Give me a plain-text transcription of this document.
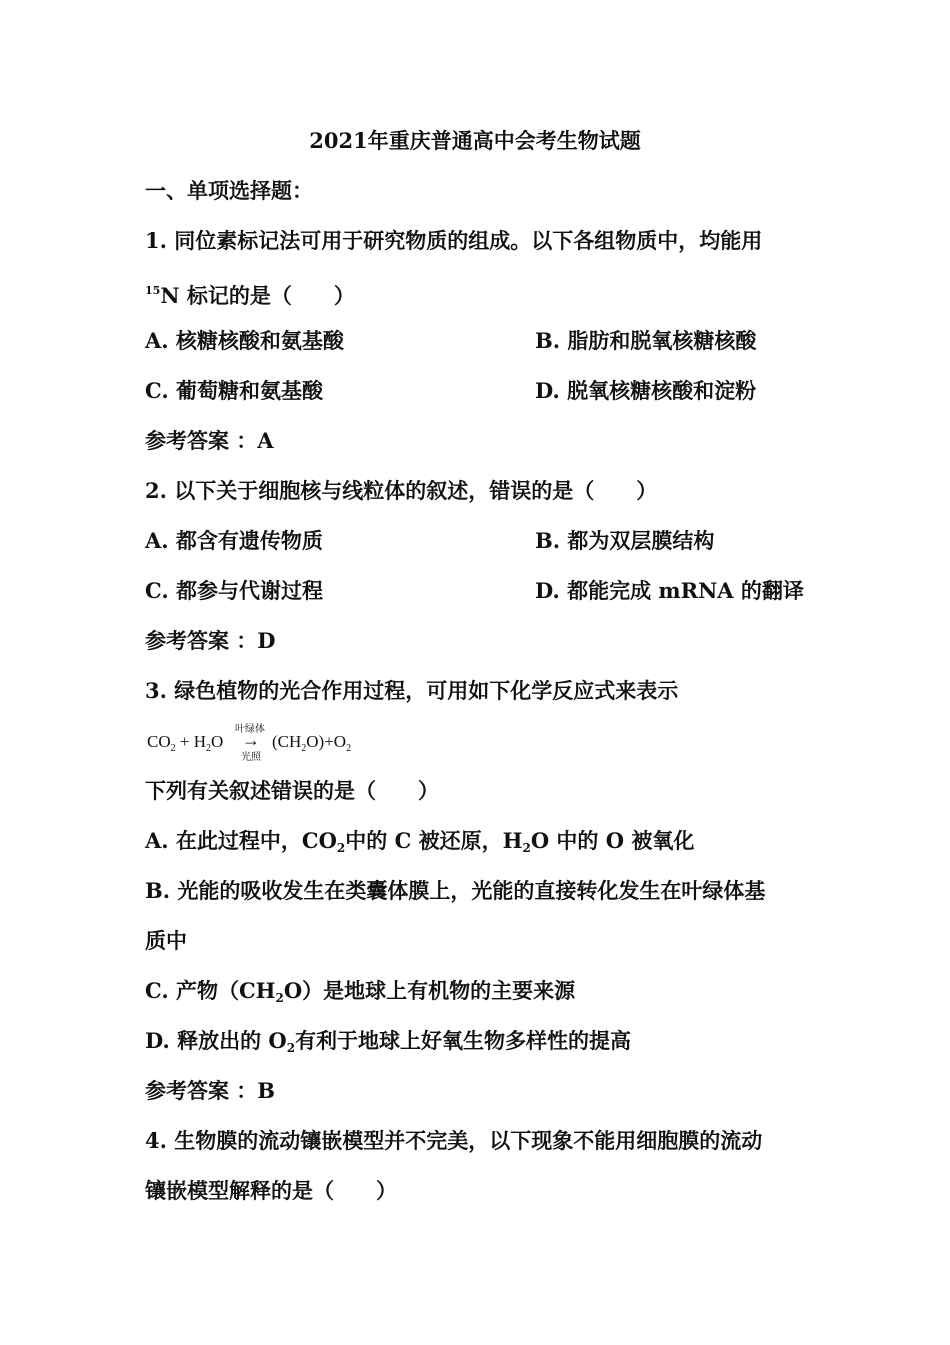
2021年重庆普通高中会考生物试题
一、单项选择题：
1. 同位素标记法可用于研究物质的组成。以下各组物质中，均能用
$^{15}$N 标记的是（　　）
A. 核糖核酸和氨基酸	B. 脂肪和脱氧核糖核酸
C. 葡萄糖和氨基酸	D. 脱氧核糖核酸和淀粉
参考答案 ：A
2. 以下关于细胞核与线粒体的叙述，错误的是（　　）
A. 都含有遗传物质	B. 都为双层膜结构
C. 都参与代谢过程	D. 都能完成 mRNA 的翻译
参考答案 ：D
3. 绿色植物的光合作用过程，可用如下化学反应式来表示
$CO_2 + H_2O$
叶绿体
→
光照
$(CH_2O)+O_2$
下列有关叙述错误的是（　　）
A. 在此过程中，$CO_2$中的 C 被还原，$H_2O$ 中的 O 被氧化
B. 光能的吸收发生在类囊体膜上，光能的直接转化发生在叶绿体基
质中
C. 产物$(CH_2O)$是地球上有机物的主要来源
D. 释放出的 $O_2$有利于地球上好氧生物多样性的提高
参考答案 ：B
4. 生物膜的流动镶嵌模型并不完美，以下现象不能用细胞膜的流动
镶嵌模型解释的是（　　）
